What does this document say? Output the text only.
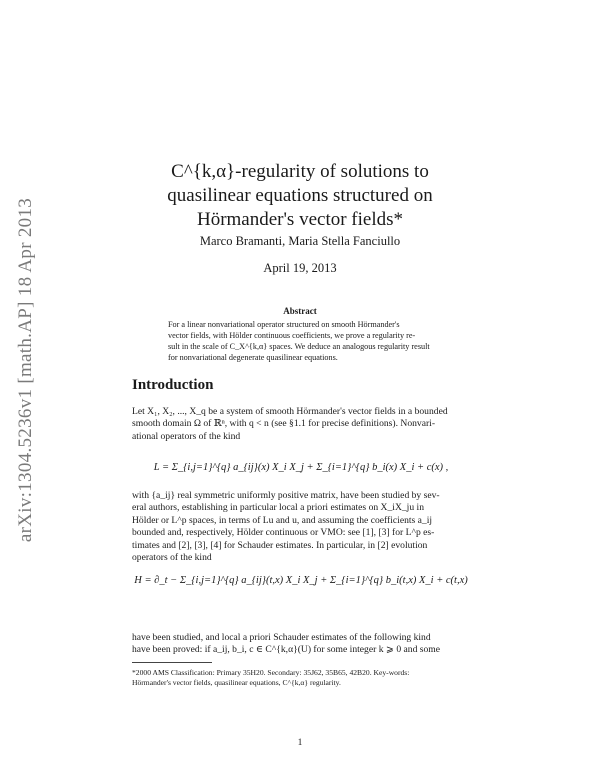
arXiv:1304.5236v1 [math.AP] 18 Apr 2013
C^{k,α}-regularity of solutions to
quasilinear equations structured on
Hörmander's vector fields*
Marco Bramanti, Maria Stella Fanciullo
April 19, 2013
Abstract
For a linear nonvariational operator structured on smooth Hörmander's
vector fields, with Hölder continuous coefficients, we prove a regularity re-
sult in the scale of C_X^{k,α} spaces. We deduce an analogous regularity result
for nonvariational degenerate quasilinear equations.
Introduction
Let X₁, X₂, ..., X_q be a system of smooth Hörmander's vector fields in a bounded
smooth domain Ω of ℝⁿ, with q < n (see §1.1 for precise definitions). Nonvari-
ational operators of the kind
L = Σ_{i,j=1}^{q} a_{ij}(x) X_i X_j + Σ_{i=1}^{q} b_i(x) X_i + c(x) ,
with {a_ij} real symmetric uniformly positive matrix, have been studied by sev-
eral authors, establishing in particular local a priori estimates on X_iX_ju in
Hölder or L^p spaces, in terms of Lu and u, and assuming the coefficients a_ij
bounded and, respectively, Hölder continuous or VMO: see [1], [3] for L^p es-
timates and [2], [3], [4] for Schauder estimates. In particular, in [2] evolution
operators of the kind
H = ∂_t − Σ_{i,j=1}^{q} a_{ij}(t,x) X_i X_j + Σ_{i=1}^{q} b_i(t,x) X_i + c(t,x)
have been studied, and local a priori Schauder estimates of the following kind
have been proved: if a_ij, b_i, c ∈ C^{k,α}(U) for some integer k ⩾ 0 and some
*2000 AMS Classification: Primary 35H20. Secondary: 35J62, 35B65, 42B20. Key-words:
Hörmander's vector fields, quasilinear equations, C^{k,α} regularity.
1
